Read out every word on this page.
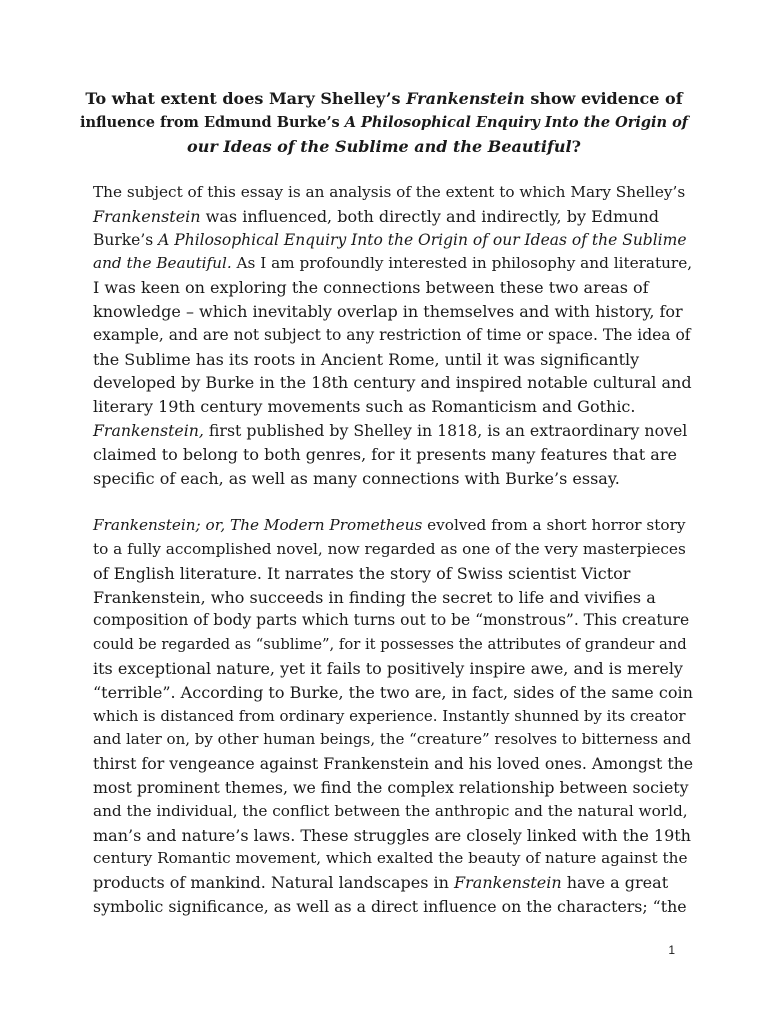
To what extent does Mary Shelley’s Frankenstein show evidence of
influence from Edmund Burke’s A Philosophical Enquiry Into the Origin of
our Ideas of the Sublime and the Beautiful?
The subject of this essay is an analysis of the extent to which Mary Shelley’s
Frankenstein was influenced, both directly and indirectly, by Edmund
Burke’s A Philosophical Enquiry Into the Origin of our Ideas of the Sublime
and the Beautiful. As I am profoundly interested in philosophy and literature,
I was keen on exploring the connections between these two areas of
knowledge – which inevitably overlap in themselves and with history, for
example, and are not subject to any restriction of time or space. The idea of
the Sublime has its roots in Ancient Rome, until it was significantly
developed by Burke in the 18th century and inspired notable cultural and
literary 19th century movements such as Romanticism and Gothic.
Frankenstein, first published by Shelley in 1818, is an extraordinary novel
claimed to belong to both genres, for it presents many features that are
specific of each, as well as many connections with Burke’s essay.
Frankenstein; or, The Modern Prometheus evolved from a short horror story
to a fully accomplished novel, now regarded as one of the very masterpieces
of English literature. It narrates the story of Swiss scientist Victor
Frankenstein, who succeeds in finding the secret to life and vivifies a
composition of body parts which turns out to be “monstrous”. This creature
could be regarded as “sublime”, for it possesses the attributes of grandeur and
its exceptional nature, yet it fails to positively inspire awe, and is merely
“terrible”. According to Burke, the two are, in fact, sides of the same coin
which is distanced from ordinary experience. Instantly shunned by its creator
and later on, by other human beings, the “creature” resolves to bitterness and
thirst for vengeance against Frankenstein and his loved ones. Amongst the
most prominent themes, we find the complex relationship between society
and the individual, the conflict between the anthropic and the natural world,
man’s and nature’s laws. These struggles are closely linked with the 19th
century Romantic movement, which exalted the beauty of nature against the
products of mankind. Natural landscapes in Frankenstein have a great
symbolic significance, as well as a direct influence on the characters; “the
1
